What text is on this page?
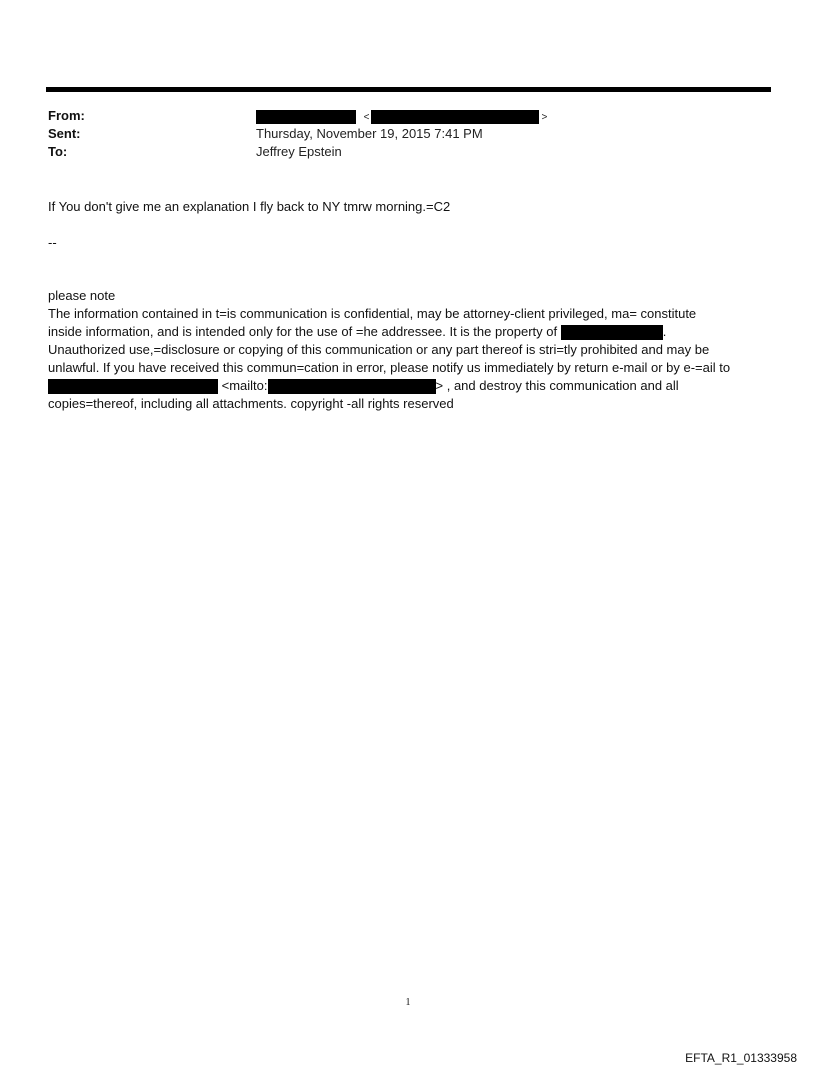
From:	<	>
Sent:	Thursday, November 19, 2015 7:41 PM
To:	Jeffrey Epstein
If You don't give me an explanation I fly back to NY tmrw morning.=C2
--
please note
The information contained in t=is communication is confidential, may be attorney-client privileged, ma= constitute
inside information, and is intended only for the use of =he addressee. It is the property of	.
Unauthorized use,=disclosure or copying of this communication or any part thereof is stri=tly prohibited and may be
unlawful. If you have received this commun=cation in error, please notify us immediately by return e-mail or by e-=ail to
<mailto:	> , and destroy this communication and all
copies=thereof, including all attachments. copyright -all rights reserved
1
EFTA_R1_01333958
